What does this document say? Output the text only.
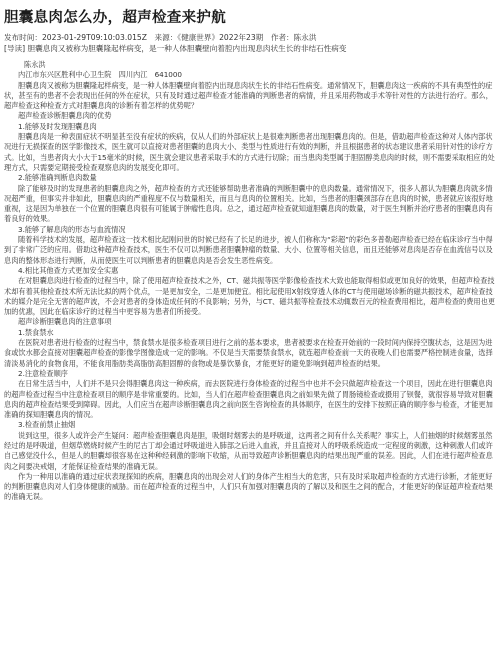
胆囊息肉怎么办，超声检查来护航
发布时间：2023-01-29T09:10:03.015Z　来源：《健康世界》2022年23期　作者：陈永洪
[导读] 胆囊息肉又被称为胆囊隆起样病变，是一种人体胆囊壁向着腔内出现息肉状生长的非结石性病变

陈永洪

内江市东兴区胜利中心卫生院　四川内江　641000

胆囊息肉又被称为胆囊隆起样病变，是一种人体胆囊壁向着腔内出现息肉状生长的非结石性病变。通常情况下，胆囊息肉这一疾病的不具有典型性的症状，甚至有的患者不会表现出任何的外在症状，只有及时通过超声检查才能准确的判断患者的病情，并且采用药物或手术等针对性的方法进行治疗。那么，超声检查这种检查方式对胆囊息肉的诊断有着怎样的优势呢？

超声检查诊断胆囊息肉的优势

1.能够及时发现胆囊息肉

胆囊息肉是一种表面症状不明显甚至没有症状的疾病，仅从人们的外部症状上是很难判断患者出现胆囊息肉的。但是，借助超声检查这种对人体内部状况进行无损探查的医学影像技术，医生就可以直接对患者胆囊的息肉大小、类型与性质进行有效的判断，并且根据患者的状态建议患者采用针对性的诊疗方式。比如，当患者肉大小大于15毫米的时候，医生就会建议患者采取手术的方式进行切除；而当患肉类型属于胆固醇类息肉的时候，则不需要采取相应的处理方式，只需要定期接受检查观察息肉的发展变化即可。

2.能够准确判断息肉数量

除了能够及时的发现患者的胆囊息肉之外，超声检查的方式还能够帮助患者准确的判断胆囊中的息肉数量。通常情况下，很多人都认为胆囊息肉就多情况超严重，但事实并非如此，胆囊息肉的严重程度不仅与数量相关，而且与息肉的位置相关。比如，当患者的胆囊颈部存在息肉的时候，患者就应该很好地重视，这是因为单独在一个位置的胆囊息肉很有可能属于肿瘤性息肉。总之，通过超声检查就知道胆囊息肉的数量，对于医生判断并治疗患者的胆囊息肉有着良好的效果。

3.能够了解息肉的形态与血流情况

随着科学技术的发展，超声检查这一技术相比起刚问世的时候已经有了长足的进步，被人们称称为“彩超”的彩色多普勒超声检查已经在临床诊疗当中得到了非常广泛的应用。借助这种超声检查技术，医生不仅可以判断患者胆囊肿瘤的数量、大小、位置等相关信息，而且还能够对息肉是否存在血流信号以及息肉的整体形态进行判断，从而使医生可以判断患者的胆囊息肉是否会发生恶性病变。

4.相比其他查方式更加安全实惠

在对胆囊息肉进行检查的过程当中，除了使用超声检查技术之外，CT、磁共振等医学影像检查技术大致也能取得相似或更加良好的效果，但超声检查技术却有着其他检查技术所无法比拟的两个优点，一是更加安全，二是更加便宜。相比起使用X射线穿透人体的CT与使用磁场诊断的磁共振技术，超声检查技术的媒介是完全无害的超声波，不会对患者的身体造成任何的不良影响；另外，与CT、磁共振等检查技术动辄数百元的检查费用相比，超声检查的费用也更加的优惠，因此在临床诊疗的过程当中更容易为患者们所接受。

超声诊断胆囊息肉的注意事项

1.禁食禁水

在医院对患者进行检查的过程当中，禁食禁水是很多检查项目进行之前的基本要求，患者被要求在检查开始前的一段时间内保持空腹状态，这是因为进食或饮水都会直接对胆囊超声检查的影像学图像造成一定的影响。不仅是当天需要禁食禁水，就连超声检查前一天的夜晚人们也需要严格控制进食量，选择清淡易消化的食物食用，不能食用脂肪类高脂肪高胆固醇的食物或是暴饮暴食，才能更好的避免影响到超声检查的结果。

2.注意检查顺序

在日常生活当中，人们并不是只会得胆囊息肉这一种疾病，而去医院进行身体检查的过程当中也并不会只做超声检查这一个项目，因此在进行胆囊息肉的超声检查过程当中注意检查项目的顺序是非常重要的。比如，当人们在超声检查胆囊息肉之前如果先做了胃肠镜检查或摄用了钡餐，就很容易导致对胆囊息肉的超声检查结果受到障碍。因此，人们应当在超声诊断胆囊息肉之前向医生咨询检查的具体顺序，在医生的安排下按照正确的顺序参与检查，才能更加准确的探知胆囊息肉的情况。

3.检查前禁止抽烟

说到这里，很多人或许会产生疑问：超声检查胆囊息肉是胆，吸烟时烟雾去的是呼吸道，这两者之间有什么关系呢？事实上，人们抽烟的时候烟雾虽然经过的是呼吸道，但烟草燃烧时候产生的尼古丁却会通过呼吸道进入肺部之后进入血液，并且直接对人的呼吸系统造成一定程度的刺激，这种刺激人们或许自己感觉没什么，但是人的胆囊却很容易在这种种经刺激的影响下收缩，从而导致超声诊断胆囊息肉的结果出现严重的误差。因此，人们在进行超声检查息肉之间要决戒烟，才能保证检查结果的准确无误。

作为一种用以准确的通过症状表现探知的疾病，胆囊息肉的出现会对人们的身体产生相当大的危害，只有及时采取超声检查的方式进行诊断，才能更好的判断胆囊息肉对人们身体健康的威胁。而在超声检查的过程当中，人们只有加强对胆囊息肉的了解以及和医生之间的配合，才能更好的保证超声检查结果的准确无误。
